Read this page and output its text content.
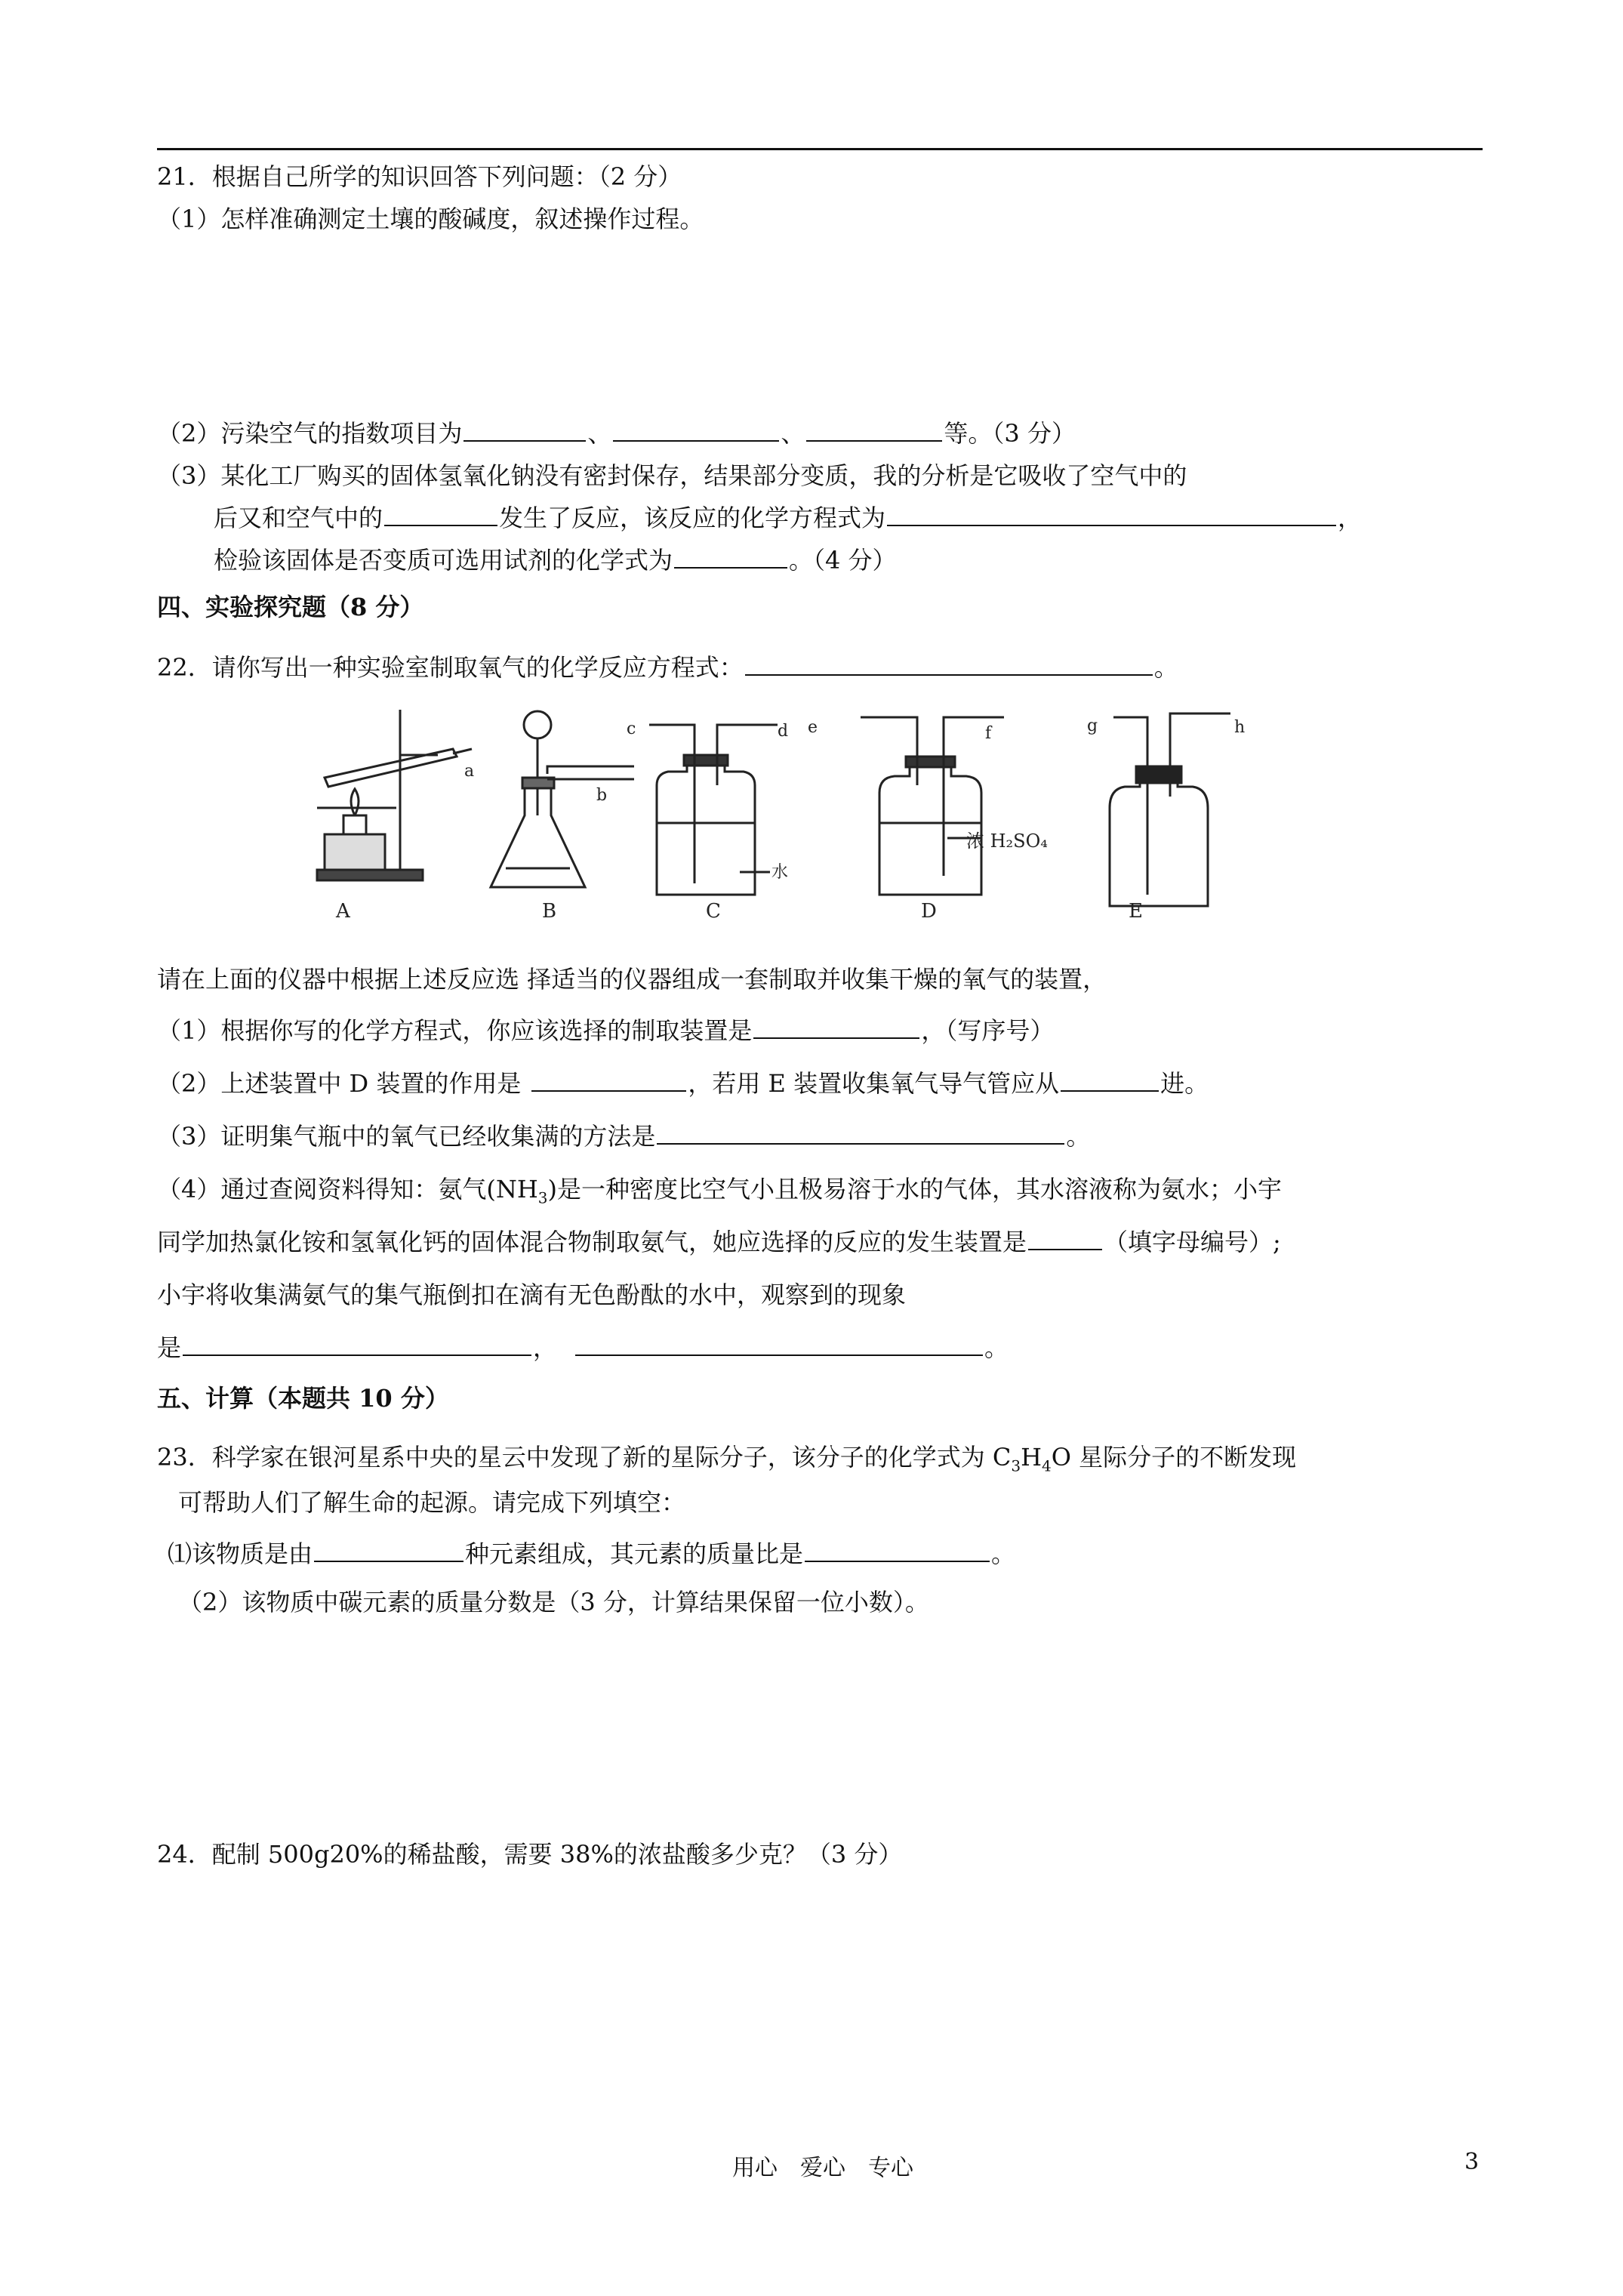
21．根据自己所学的知识回答下列问题：（2 分）
（1）怎样准确测定土壤的酸碱度，叙述操作过程。
（2）污染空气的指数项目为	、	、	等。（3 分）
（3）某化工厂购买的固体氢氧化钠没有密封保存，结果部分变质，我的分析是它吸收了空气中的
后又和空气中的	发生了反应，该反应的化学方程式为	，
检验该固体是否变质可选用试剂的化学式为	。（4 分）
四、实验探究题（8 分）
22．请你写出一种实验室制取氧气的化学反应方程式：	。
A	B	C	D	E
a
b
c	d e	f	g	h
水
浓 H₂SO₄
请在上面的仪器中根据上述反应选 择适当的仪器组成一套制取并收集干燥的氧气的装置，
（1）根据你写的化学方程式，你应该选择的制取装置是	，（写序号）
（2）上述装置中 D 装置的作用是	，若用 E 装置收集氧气导气管应从	进。
（3）证明集气瓶中的氧气已经收集满的方法是	。
（4）通过查阅资料得知：氨气$(NH_3)$是一种密度比空气小且极易溶于水的气体，其水溶液称为氨水；小宇
同学加热氯化铵和氢氧化钙的固体混合物制取氨气，她应选择的反应的发生装置是	（填字母编号）;
小宇将收集满氨气的集气瓶倒扣在滴有无色酚酞的水中，观察到的现象
是	，	。
五、计算（本题共 10 分）
23．科学家在银河星系中央的星云中发现了新的星际分子，该分子的化学式为 $C_3H_4O$ 星际分子的不断发现
可帮助人们了解生命的起源。请完成下列填空：
⑴该物质是由	种元素组成，其元素的质量比是	。
（2）该物质中碳元素的质量分数是（3 分，计算结果保留一位小数）。
24．配制 500g20%的稀盐酸，需要 38%的浓盐酸多少克？（3 分）
用心　爱心　专心	3
